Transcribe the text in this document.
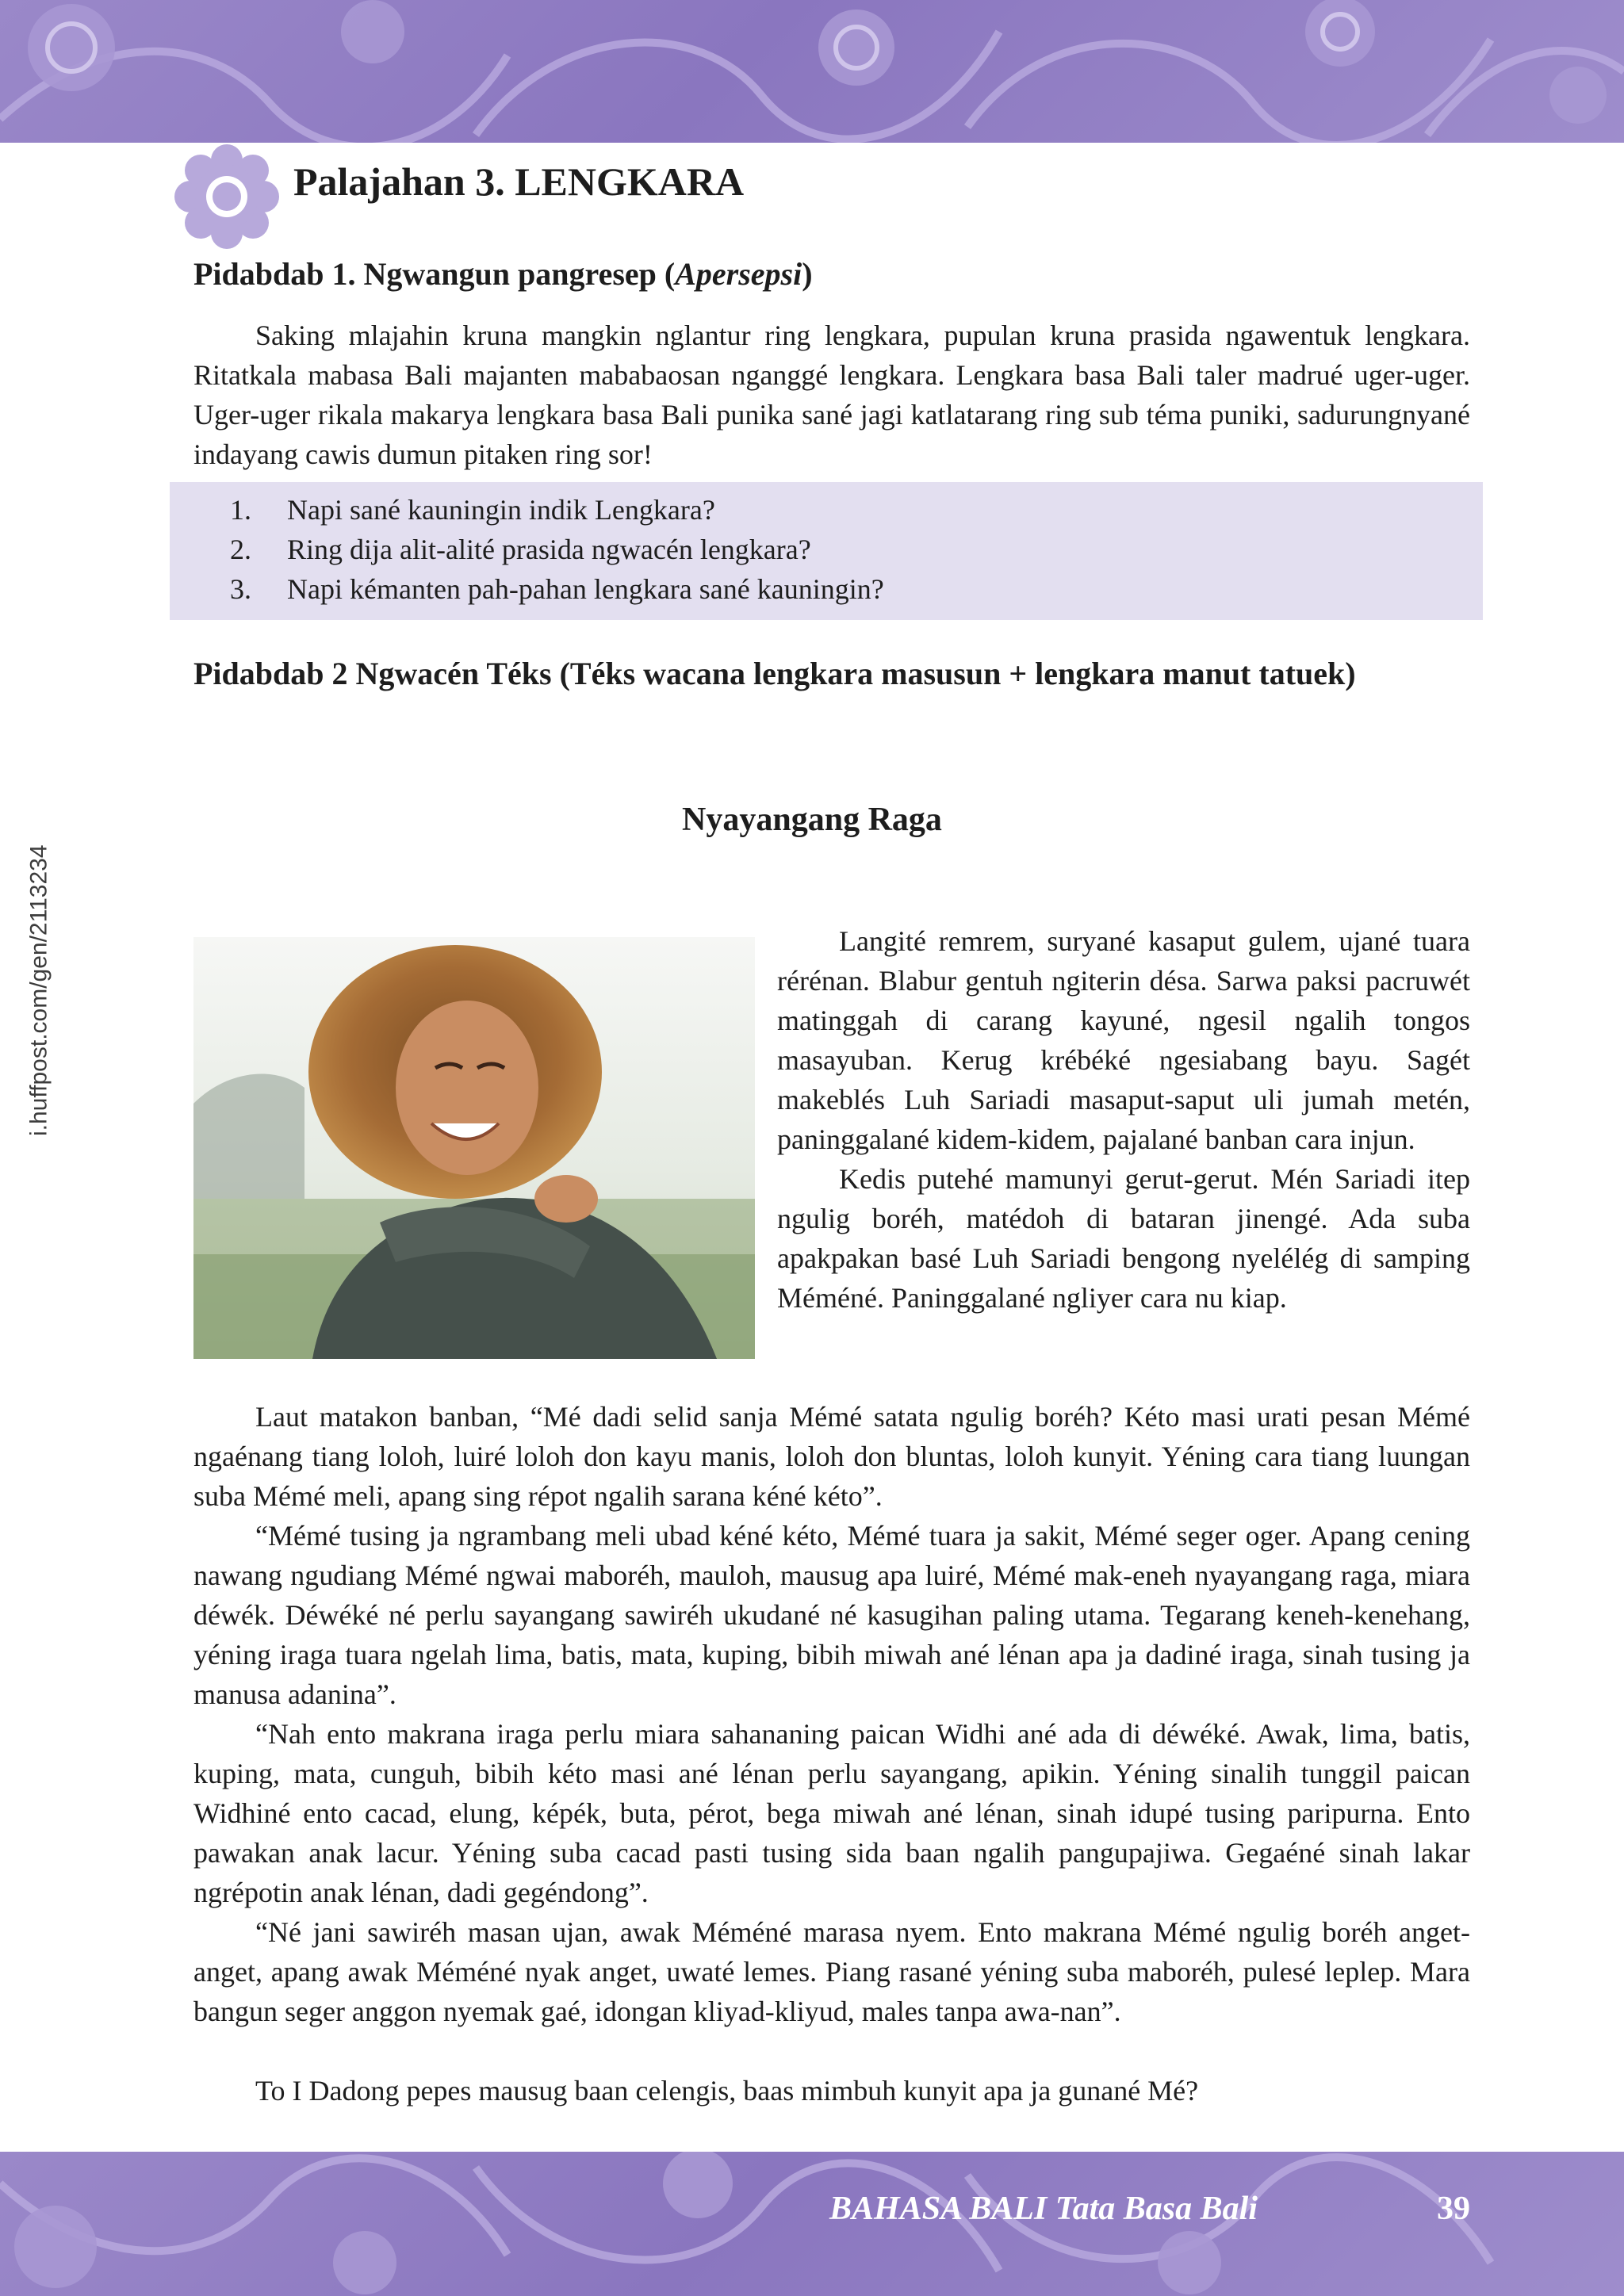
Palajahan 3. LENGKARA
Pidabdab 1. Ngwangun pangresep (Apersepsi)

Saking mlajahin kruna mangkin nglantur ring lengkara, pupulan kruna prasida ngawentuk lengkara. Ritatkala mabasa Bali majanten mababaosan nganggé lengkara. Lengkara basa Bali taler madrué uger-uger. Uger-uger rikala makarya lengkara basa Bali punika sané jagi katlatarang ring sub téma puniki, sadurungnyané indayang cawis dumun pitaken ring sor!

1.	Napi sané kauningin indik Lengkara?
2.	Ring dija alit-alité prasida ngwacén lengkara?
3.	Napi kémanten pah-pahan lengkara sané kauningin?
Pidabdab 2 Ngwacén Téks (Téks wacana lengkara masusun + lengkara manut tatuek)
Nyayangang Raga
i.huffpost.com/gen/2113234	Langité remrem, suryané kasaput gulem, ujané tuara rérénan. Blabur gentuh ngiterin désa. Sarwa paksi pacruwét matinggah di carang kayuné, ngesil ngalih tongos masayuban. Kerug krébéké ngesiabang bayu. Sagét makeblés Luh Sariadi masaput-saput uli jumah metén, paninggalané kidem-kidem, pajalané banban cara injun.

Kedis putehé mamunyi gerut-gerut. Mén Sariadi itep ngulig boréh, matédoh di bataran jinengé. Ada suba apakpakan basé Luh Sariadi bengong nyelélég di samping Méméné. Paninggalané ngliyer cara nu kiap.

Laut matakon banban, “Mé dadi selid sanja Mémé satata ngulig boréh? Kéto masi urati pesan Mémé ngaénang tiang loloh, luiré loloh don kayu manis, loloh don bluntas, loloh kunyit. Yéning cara tiang luungan suba Mémé meli, apang sing répot ngalih sarana kéné kéto”.

“Mémé tusing ja ngrambang meli ubad kéné kéto, Mémé tuara ja sakit, Mémé seger oger. Apang cening nawang ngudiang Mémé ngwai maboréh, mauloh, mausug apa luiré, Mémé mak-eneh nyayangang raga, miara déwék. Déwéké né perlu sayangang sawiréh ukudané né kasugihan paling utama. Tegarang keneh-kenehang, yéning iraga tuara ngelah lima, batis, mata, kuping, bibih miwah ané lénan apa ja dadiné iraga, sinah tusing ja manusa adanina”.

“Nah ento makrana iraga perlu miara sahananing paican Widhi ané ada di déwéké. Awak, lima, batis, kuping, mata, cunguh, bibih kéto masi ané lénan perlu sayangang, apikin. Yéning sinalih tunggil paican Widhiné ento cacad, elung, képék, buta, pérot, bega miwah ané lénan, sinah idupé tusing paripurna. Ento pawakan anak lacur. Yéning suba cacad pasti tusing sida baan ngalih pangupajiwa. Gegaéné sinah lakar ngrépotin anak lénan, dadi gegéndong”.

“Né jani sawiréh masan ujan, awak Méméné marasa nyem. Ento makrana Mémé ngulig boréh anget-anget, apang awak Méméné nyak anget, uwaté lemes. Piang rasané yéning suba maboréh, pulesé leplep. Mara bangun seger anggon nyemak gaé, idongan kliyad-kliyud, males tanpa awa-nan”.

To I Dadong pepes mausug baan celengis, baas mimbuh kunyit apa ja gunané Mé?

BAHASA BALI Tata Basa Bali	39
